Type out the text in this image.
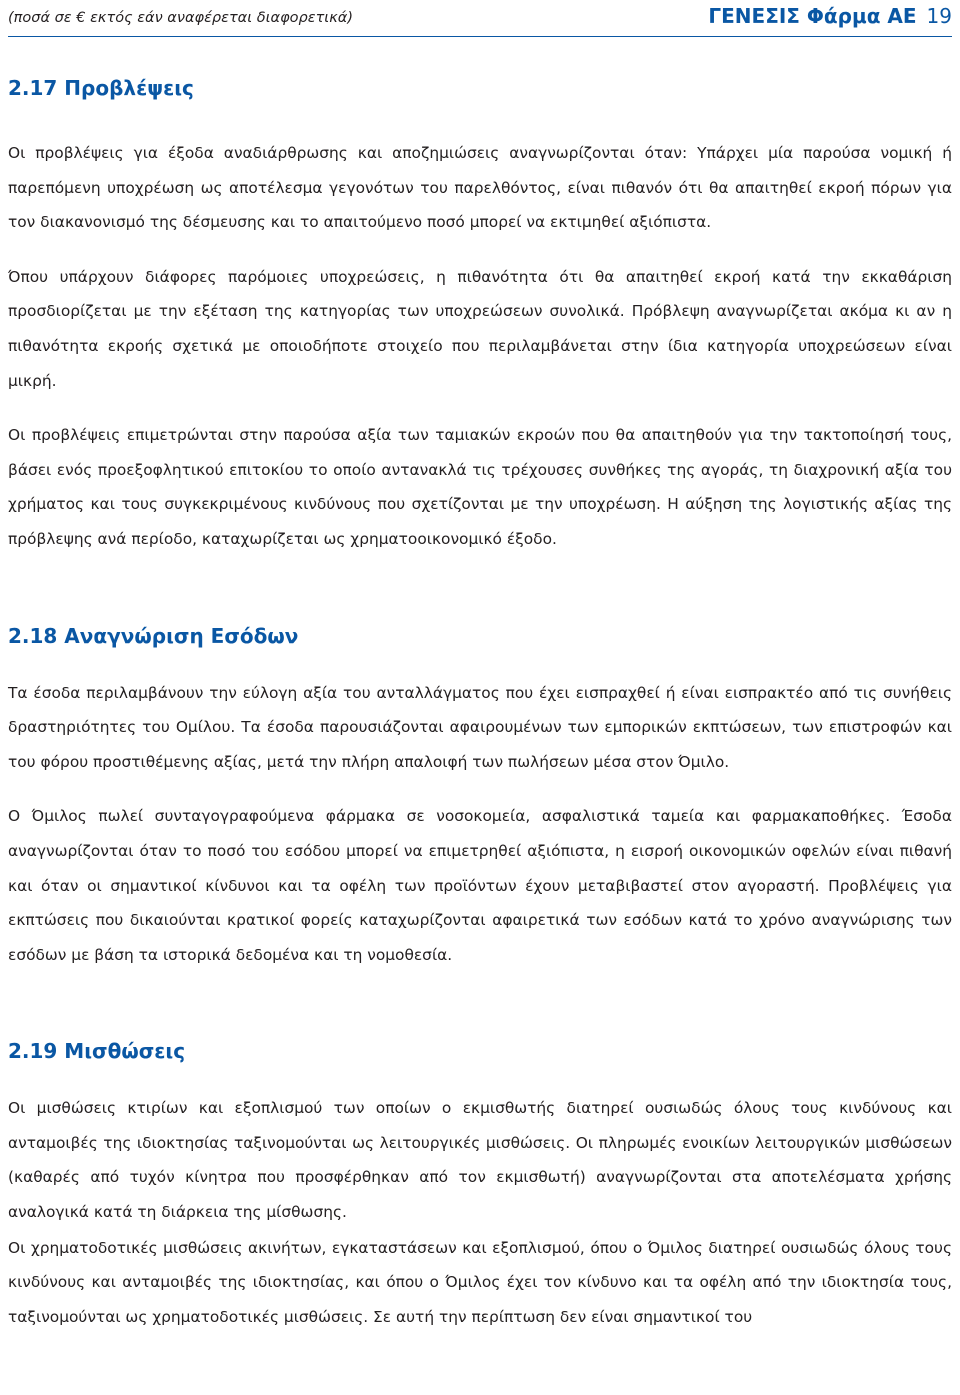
(ποσά σε € εκτός εάν αναφέρεται διαφορετικά)	ΓΕΝΕΣΙΣ Φάρμα ΑΕ 19
2.17 Προβλέψεις

Οι προβλέψεις για έξοδα αναδιάρθρωσης και αποζημιώσεις αναγνωρίζονται όταν: Υπάρχει μία παρούσα νομική ή παρεπόμενη υποχρέωση ως αποτέλεσμα γεγονότων του παρελθόντος, είναι πιθανόν ότι θα απαιτηθεί εκροή πόρων για τον διακανονισμό της δέσμευσης και το απαιτούμενο ποσό μπορεί να εκτιμηθεί αξιόπιστα.

Όπου υπάρχουν διάφορες παρόμοιες υποχρεώσεις, η πιθανότητα ότι θα απαιτηθεί εκροή κατά την εκκαθάριση προσδιορίζεται με την εξέταση της κατηγορίας των υποχρεώσεων συνολικά. Πρόβλεψη αναγνωρίζεται ακόμα κι αν η πιθανότητα εκροής σχετικά με οποιοδήποτε στοιχείο που περιλαμβάνεται στην ίδια κατηγορία υποχρεώσεων είναι μικρή.

Οι προβλέψεις επιμετρώνται στην παρούσα αξία των ταμιακών εκροών που θα απαιτηθούν για την τακτοποίησή τους, βάσει ενός προεξοφλητικού επιτοκίου το οποίο αντανακλά τις τρέχουσες συνθήκες της αγοράς, τη διαχρονική αξία του χρήματος και τους συγκεκριμένους κινδύνους που σχετίζονται με την υποχρέωση. Η αύξηση της λογιστικής αξίας της πρόβλεψης ανά περίοδο, καταχωρίζεται ως χρηματοοικονομικό έξοδο.

2.18 Αναγνώριση Εσόδων

Τα έσοδα περιλαμβάνουν την εύλογη αξία του ανταλλάγματος που έχει εισπραχθεί ή είναι εισπρακτέο από τις συνήθεις δραστηριότητες του Ομίλου. Τα έσοδα παρουσιάζονται αφαιρουμένων των εμπορικών εκπτώσεων, των επιστροφών και του φόρου προστιθέμενης αξίας, μετά την πλήρη απαλοιφή των πωλήσεων μέσα στον Όμιλο.

Ο Όμιλος πωλεί συνταγογραφούμενα φάρμακα σε νοσοκομεία, ασφαλιστικά ταμεία και φαρμακαποθήκες. Έσοδα αναγνωρίζονται όταν το ποσό του εσόδου μπορεί να επιμετρηθεί αξιόπιστα, η εισροή οικονομικών οφελών είναι πιθανή και όταν οι σημαντικοί κίνδυνοι και τα οφέλη των προϊόντων έχουν μεταβιβαστεί στον αγοραστή. Προβλέψεις για εκπτώσεις που δικαιούνται κρατικοί φορείς καταχωρίζονται αφαιρετικά των εσόδων κατά το χρόνο αναγνώρισης των εσόδων με βάση τα ιστορικά δεδομένα και τη νομοθεσία.

2.19 Μισθώσεις

Οι μισθώσεις κτιρίων και εξοπλισμού των οποίων ο εκμισθωτής διατηρεί ουσιωδώς όλους τους κινδύνους και ανταμοιβές της ιδιοκτησίας ταξινομούνται ως λειτουργικές μισθώσεις. Οι πληρωμές ενοικίων λειτουργικών μισθώσεων (καθαρές από τυχόν κίνητρα που προσφέρθηκαν από τον εκμισθωτή) αναγνωρίζονται στα αποτελέσματα χρήσης αναλογικά κατά τη διάρκεια της μίσθωσης.

Οι χρηματοδοτικές μισθώσεις ακινήτων, εγκαταστάσεων και εξοπλισμού, όπου ο Όμιλος διατηρεί ουσιωδώς όλους τους κινδύνους και ανταμοιβές της ιδιοκτησίας, και όπου ο Όμιλος έχει τον κίνδυνο και τα οφέλη από την ιδιοκτησία τους, ταξινομούνται ως χρηματοδοτικές μισθώσεις. Σε αυτή την περίπτωση δεν είναι σημαντικοί του
